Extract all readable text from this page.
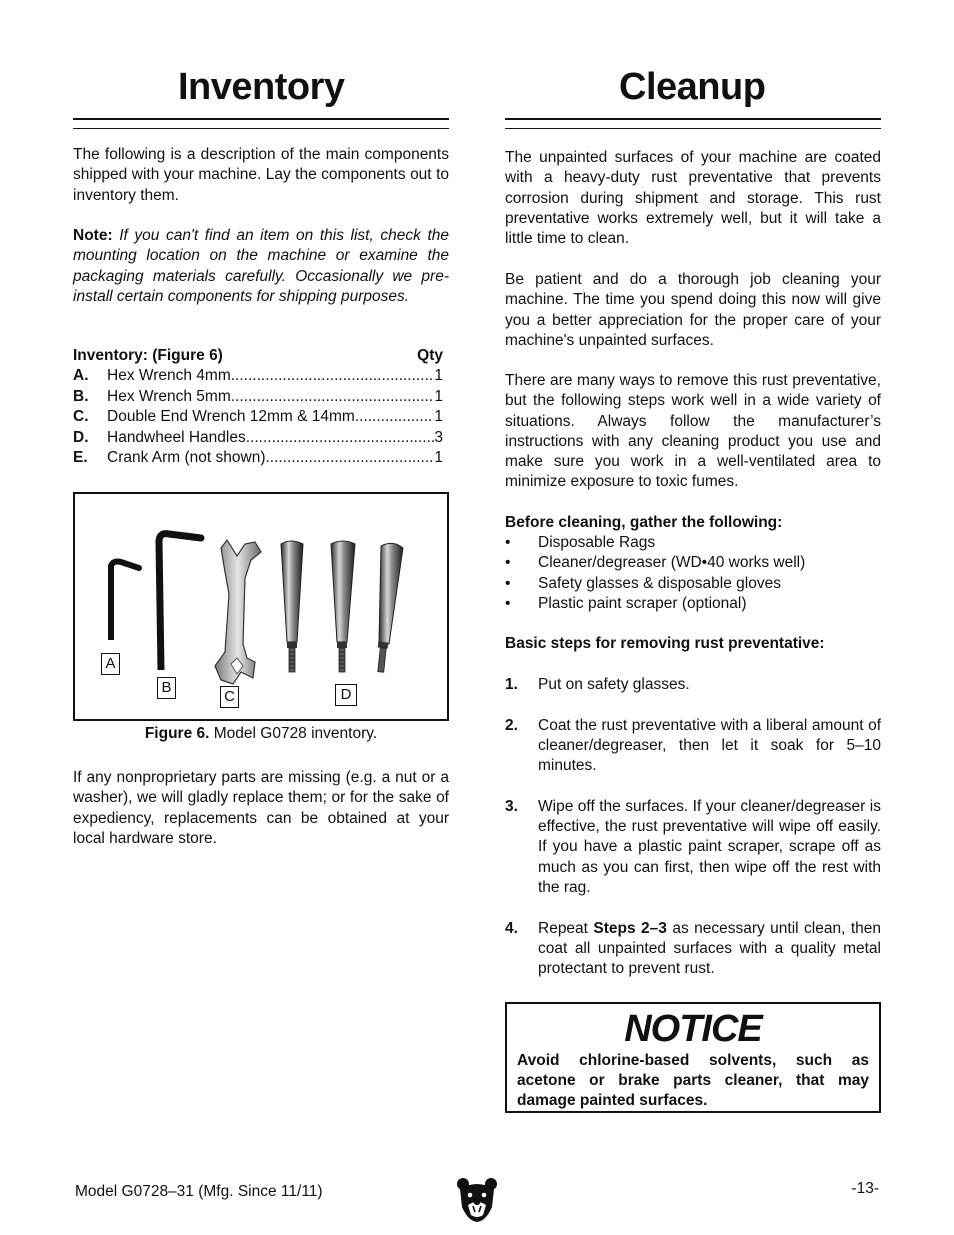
Inventory

The following is a description of the main components shipped with your machine. Lay the components out to inventory them.

Note: If you can't find an item on this list, check the mounting location on the machine or examine the packaging materials carefully. Occasionally we pre-install certain components for shipping purposes.

Inventory: (Figure 6)	Qty
A.	Hex Wrench 4mm .....	1
B.	Hex Wrench 5mm .....	1
C.	Double End Wrench 12mm & 14mm .....	1
D.	Handwheel Handles .....	3
E.	Crank Arm (not shown) .....	1
A
B
C	D
Figure 6. Model G0728 inventory.

If any nonproprietary parts are missing (e.g. a nut or a washer), we will gladly replace them; or for the sake of expediency, replacements can be obtained at your local hardware store.

Cleanup

The unpainted surfaces of your machine are coated with a heavy-duty rust preventative that prevents corrosion during shipment and storage. This rust preventative works extremely well, but it will take a little time to clean.

Be patient and do a thorough job cleaning your machine. The time you spend doing this now will give you a better appreciation for the proper care of your machine's unpainted surfaces.

There are many ways to remove this rust preventative, but the following steps work well in a wide variety of situations. Always follow the manufacturer’s instructions with any cleaning product you use and make sure you work in a well-ventilated area to minimize exposure to toxic fumes.

Before cleaning, gather the following:

•	Disposable Rags
•	Cleaner/degreaser (WD•40 works well)
•	Safety glasses & disposable gloves
•	Plastic paint scraper (optional)

Basic steps for removing rust preventative:

1.	Put on safety glasses.
2.	Coat the rust preventative with a liberal amount of cleaner/degreaser, then let it soak for 5–10 minutes.
3.	Wipe off the surfaces. If your cleaner/degreaser is effective, the rust preventative will wipe off easily. If you have a plastic paint scraper, scrape off as much as you can first, then wipe off the rest with the rag.
4.	Repeat Steps 2–3 as necessary until clean, then coat all unpainted surfaces with a quality metal protectant to prevent rust.
NOTICE

Avoid chlorine-based solvents, such as acetone or brake parts cleaner, that may damage painted surfaces.

Model G0728–31 (Mfg. Since 11/11)	-13-
